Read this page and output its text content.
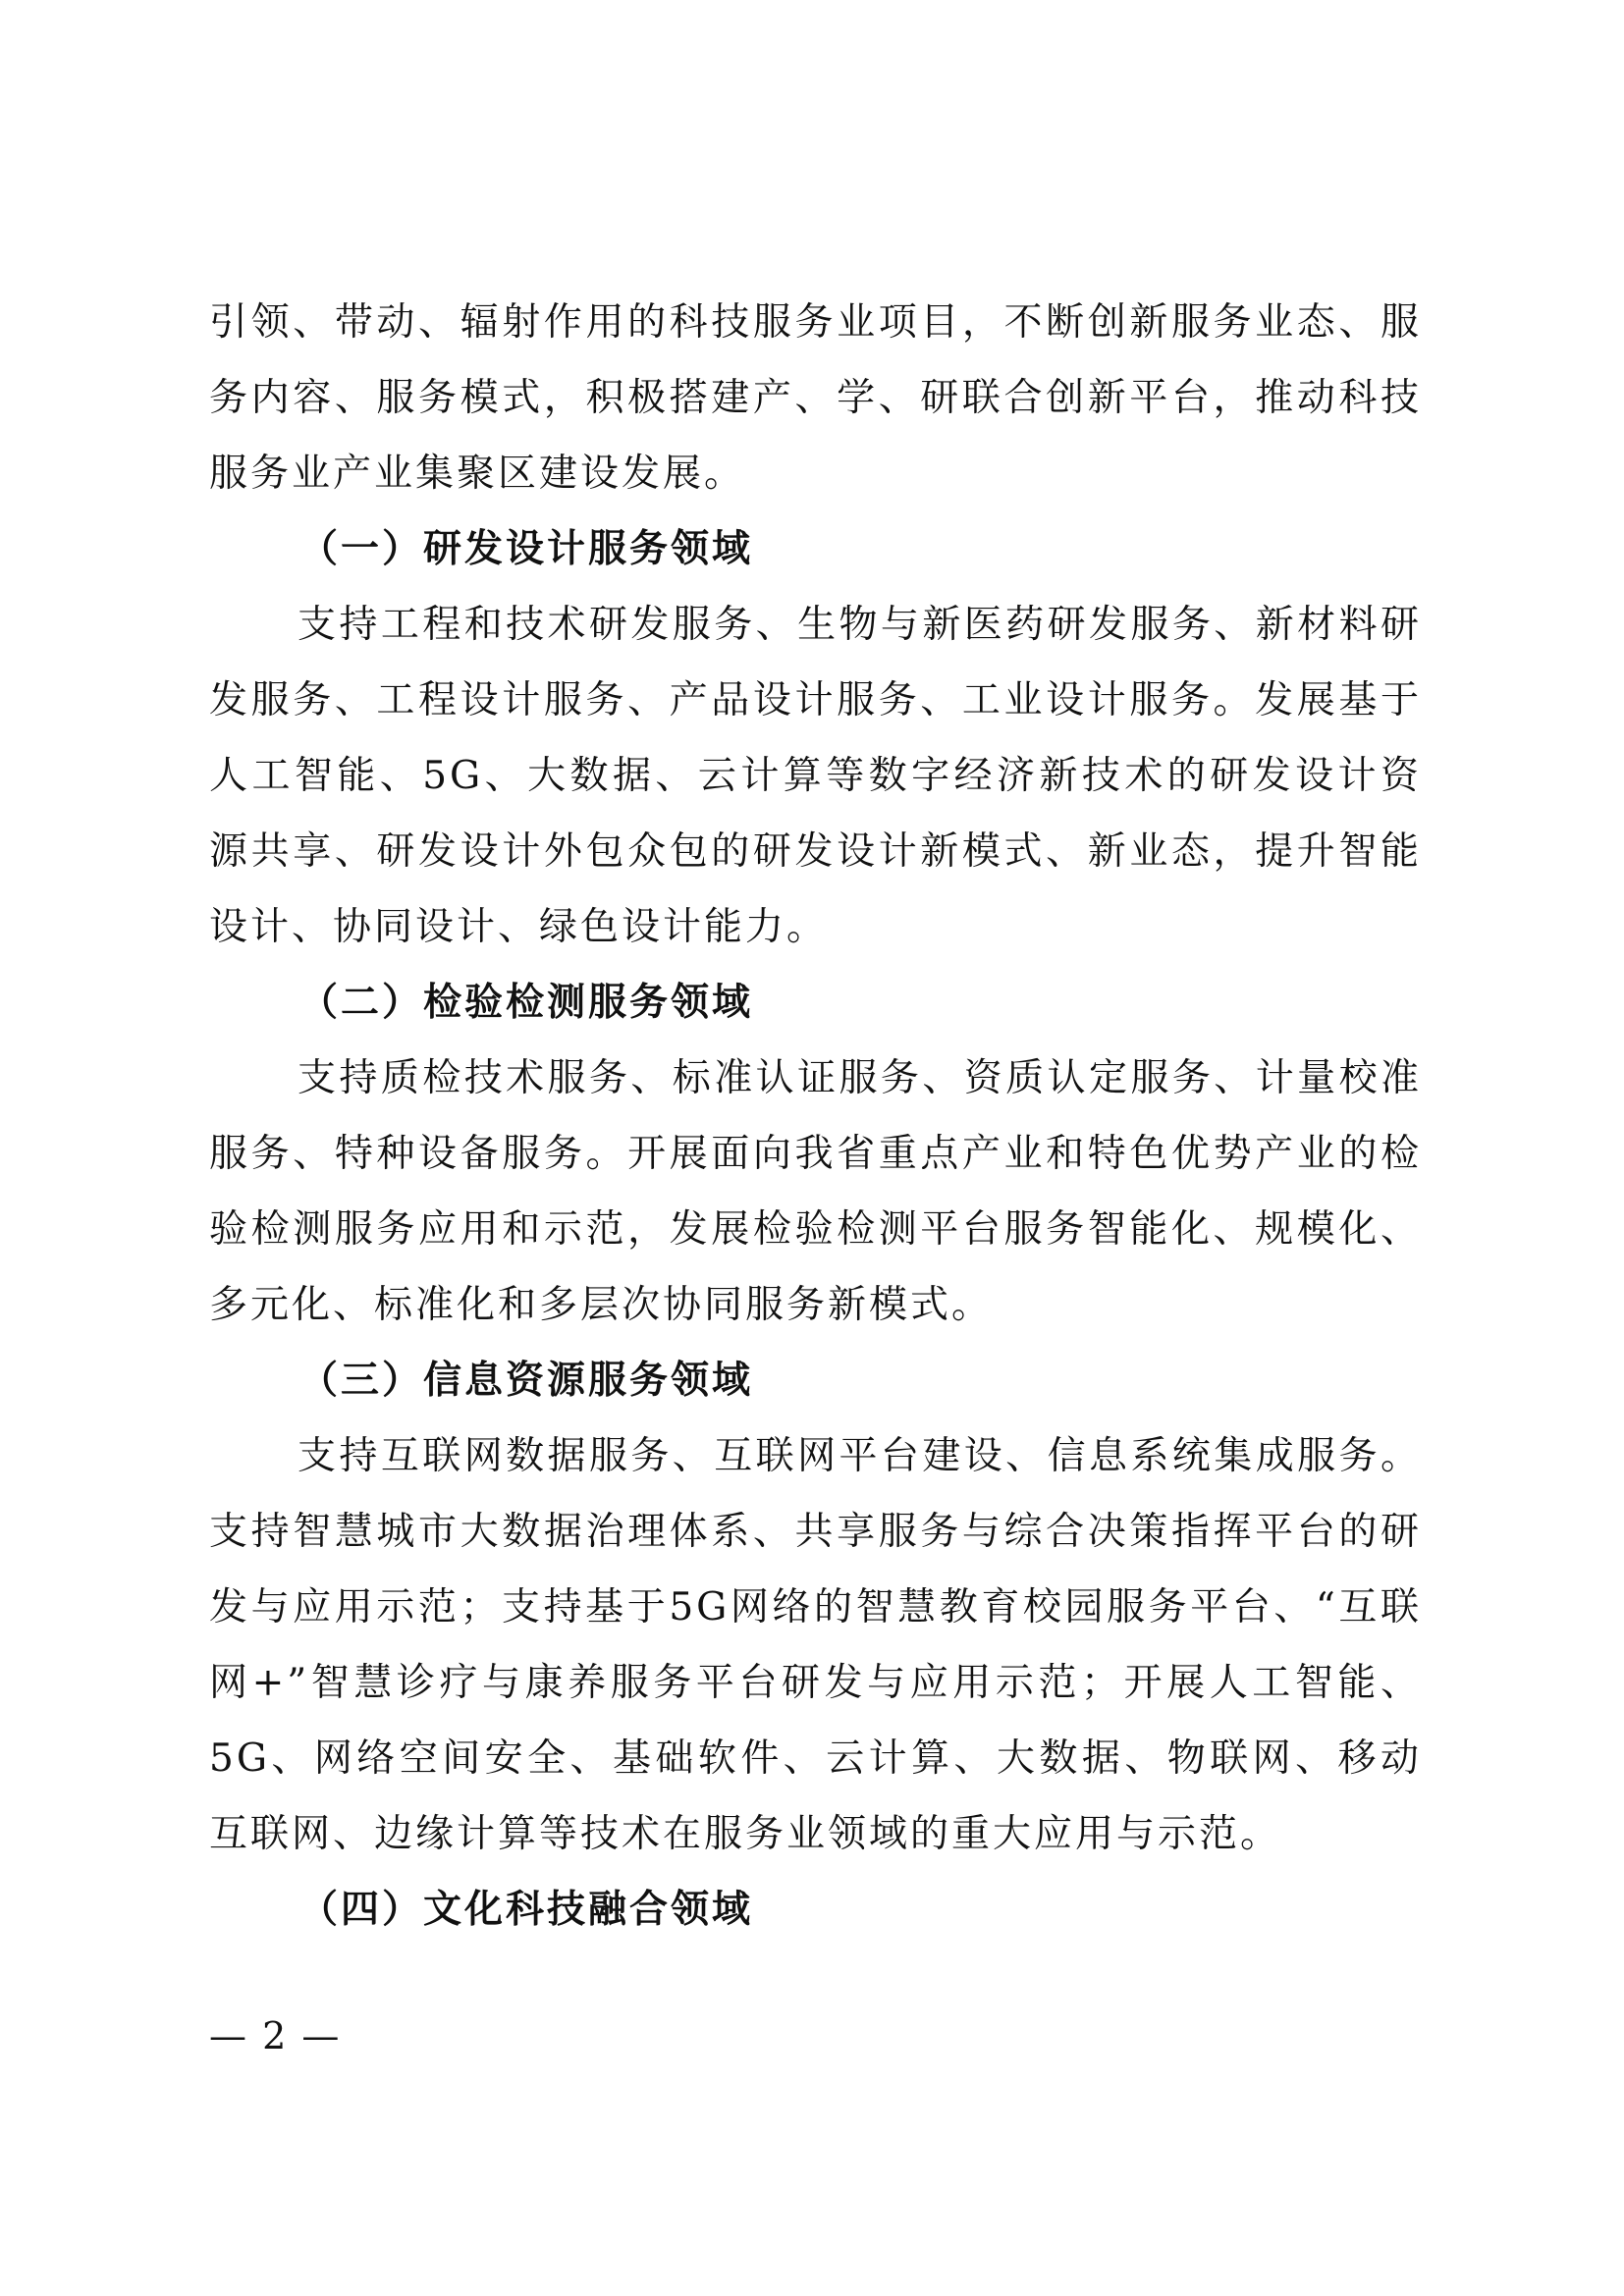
引领、带动、辐射作用的科技服务业项目，不断创新服务业态、服务内容、服务模式，积极搭建产、学、研联合创新平台，推动科技服务业产业集聚区建设发展。

（一）研发设计服务领域

支持工程和技术研发服务、生物与新医药研发服务、新材料研发服务、工程设计服务、产品设计服务、工业设计服务。发展基于人工智能、5G、大数据、云计算等数字经济新技术的研发设计资源共享、研发设计外包众包的研发设计新模式、新业态，提升智能设计、协同设计、绿色设计能力。

（二）检验检测服务领域

支持质检技术服务、标准认证服务、资质认定服务、计量校准服务、特种设备服务。开展面向我省重点产业和特色优势产业的检验检测服务应用和示范，发展检验检测平台服务智能化、规模化、多元化、标准化和多层次协同服务新模式。

（三）信息资源服务领域

支持互联网数据服务、互联网平台建设、信息系统集成服务。支持智慧城市大数据治理体系、共享服务与综合决策指挥平台的研发与应用示范；支持基于5G网络的智慧教育校园服务平台、“互联网+”智慧诊疗与康养服务平台研发与应用示范；开展人工智能、5G、网络空间安全、基础软件、云计算、大数据、物联网、移动互联网、边缘计算等技术在服务业领域的重大应用与示范。

（四）文化科技融合领域
— 2 —
